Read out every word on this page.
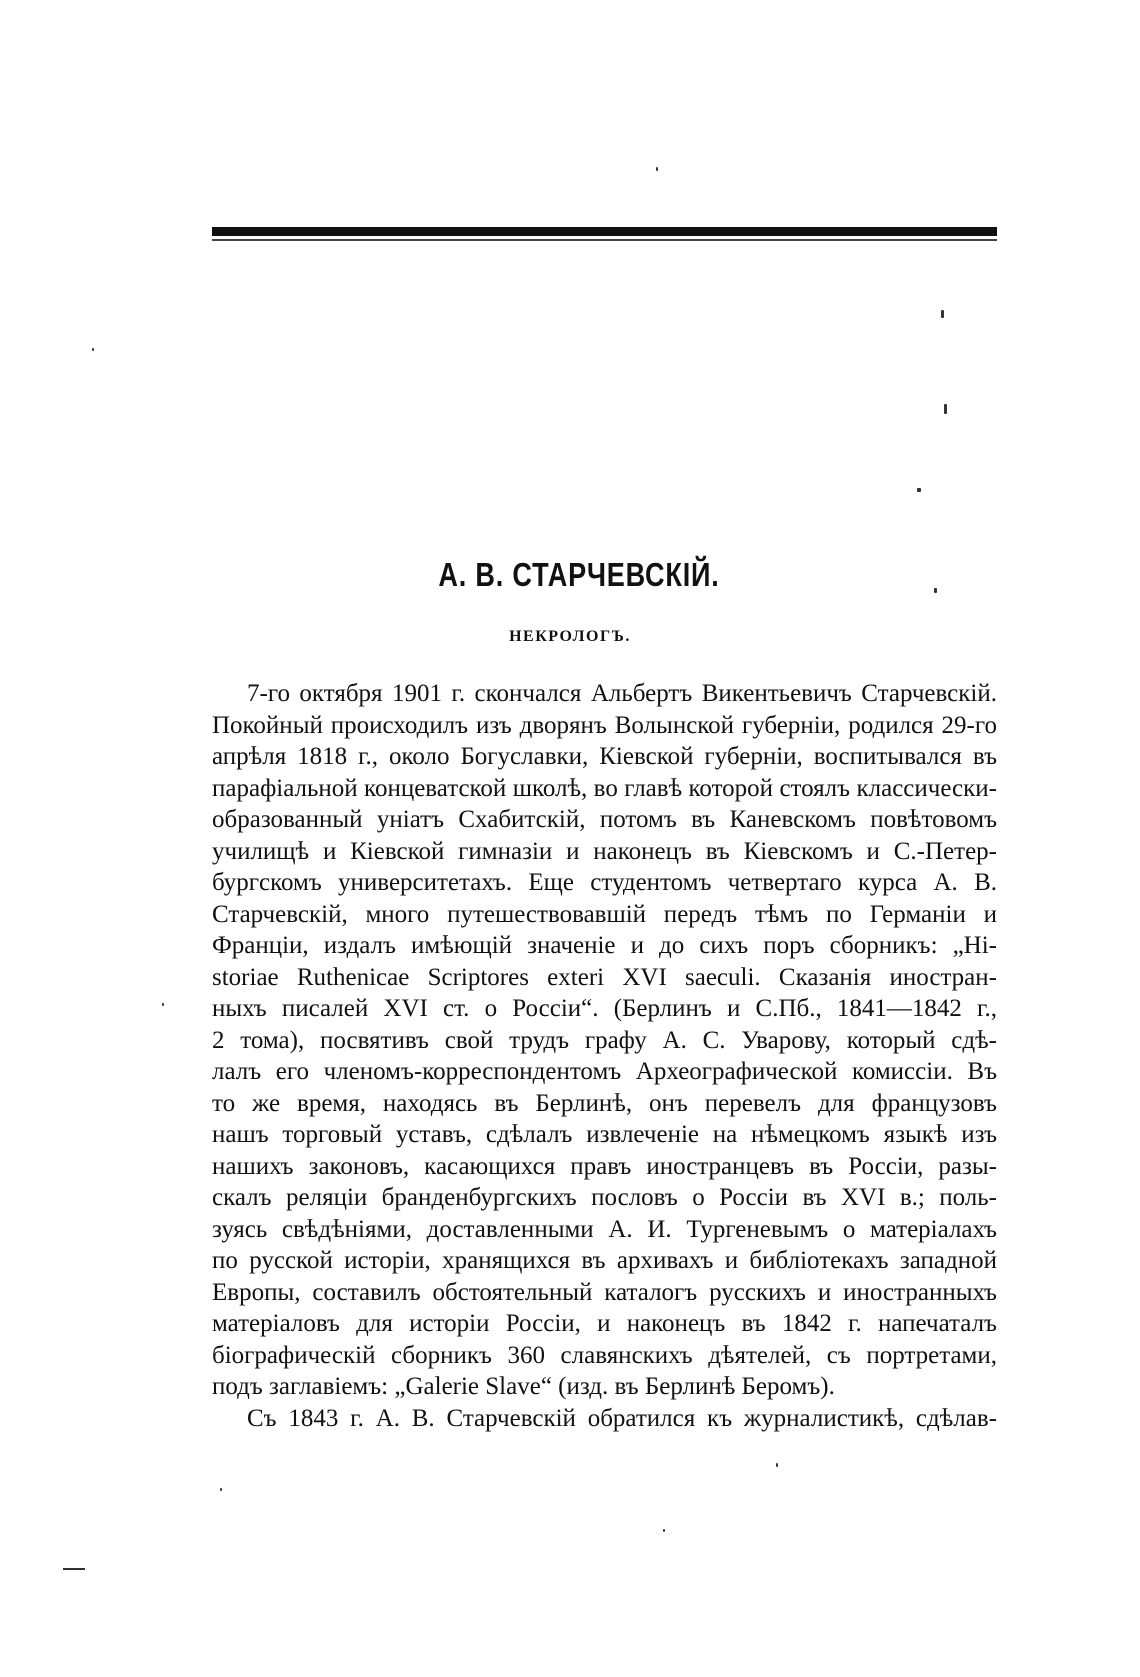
А. В. СТАРЧЕВСКІЙ.
НЕКРОЛОГЪ.
7-го октября 1901 г. скончался Альбертъ Викентьевичъ Старчевскій.
Покойный происходилъ изъ дворянъ Волынской губерніи, родился 29-го
апрѣля 1818 г., около Богуславки, Кіевской губерніи, воспитывался въ
парафіальной концеватской школѣ, во главѣ которой стоялъ классически-
образованный уніатъ Схабитскій, потомъ въ Каневскомъ повѣтовомъ
училищѣ и Кіевской гимназіи и наконецъ въ Кіевскомъ и С.-Петер-
бургскомъ университетахъ. Еще студентомъ четвертаго курса А. В.
Старчевскій, много путешествовавшій передъ тѣмъ по Германіи и
Франціи, издалъ имѣющій значеніе и до сихъ поръ сборникъ: „Hi-
storiae Ruthenicae Scriptores exteri XVI saeculi. Сказанія иностран-
ныхъ писалей XVI ст. о Россіи“. (Берлинъ и С.Пб., 1841—1842 г.,
2 тома), посвятивъ свой трудъ графу А. С. Уварову, который сдѣ-
лалъ его членомъ-корреспондентомъ Археографической комиссіи. Въ
то же время, находясь въ Берлинѣ, онъ перевелъ для французовъ
нашъ торговый уставъ, сдѣлалъ извлеченіе на нѣмецкомъ языкѣ изъ
нашихъ законовъ, касающихся правъ иностранцевъ въ Россіи, разы-
скалъ реляціи бранденбургскихъ пословъ о Россіи въ XVI в.; поль-
зуясь свѣдѣніями, доставленными А. И. Тургеневымъ о матеріалахъ
по русской исторіи, хранящихся въ архивахъ и библіотекахъ западной
Европы, составилъ обстоятельный каталогъ русскихъ и иностранныхъ
матеріаловъ для исторіи Россіи, и наконецъ въ 1842 г. напечаталъ
біографическій сборникъ 360 славянскихъ дѣятелей, съ портретами,
подъ заглавіемъ: „Galerie Slave“ (изд. въ Берлинѣ Беромъ).
Съ 1843 г. А. В. Старчевскій обратился къ журналистикѣ, сдѣлав-
